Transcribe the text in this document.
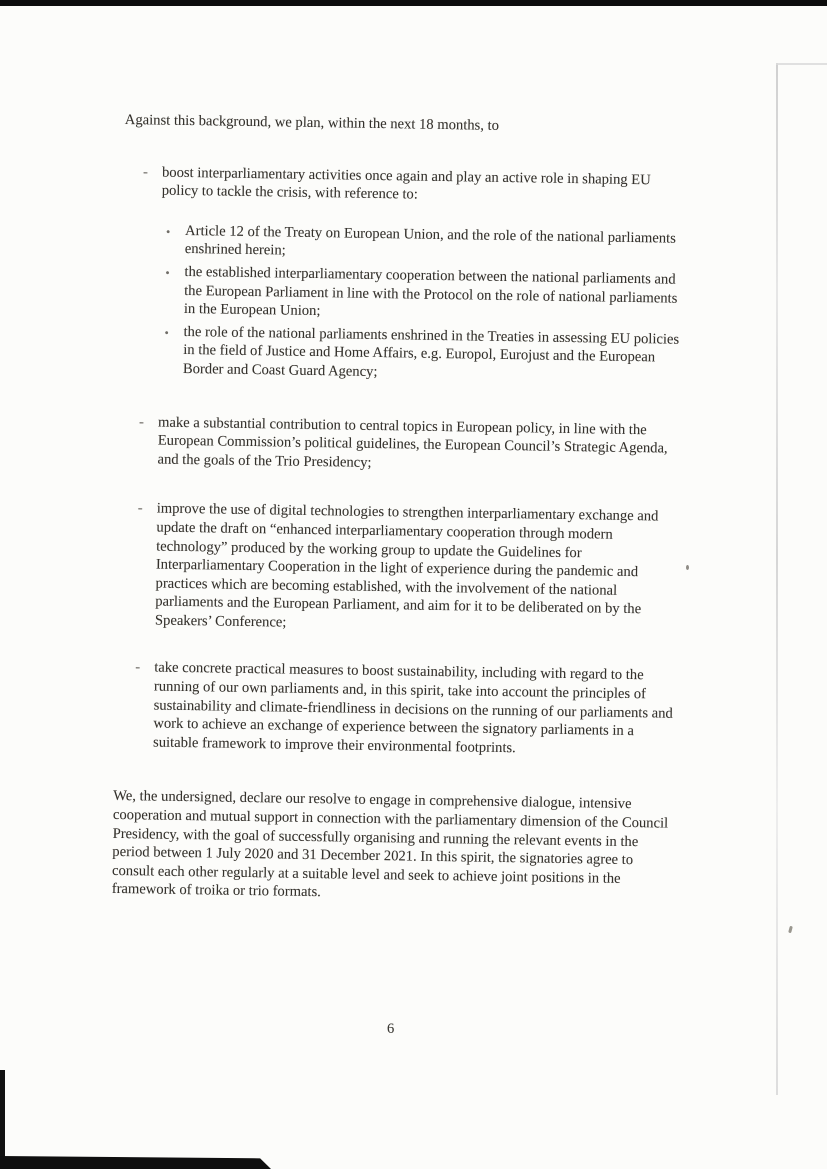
Against this background, we plan, within the next 18 months, to

- boost interparliamentary activities once again and play an active role in shaping EU policy to tackle the crisis, with reference to:
• Article 12 of the Treaty on European Union, and the role of the national parliaments enshrined herein;
• the established interparliamentary cooperation between the national parliaments and the European Parliament in line with the Protocol on the role of national parliaments in the European Union;
• the role of the national parliaments enshrined in the Treaties in assessing EU policies in the field of Justice and Home Affairs, e.g. Europol, Eurojust and the European Border and Coast Guard Agency;
- make a substantial contribution to central topics in European policy, in line with the European Commission’s political guidelines, the European Council’s Strategic Agenda, and the goals of the Trio Presidency;
- improve the use of digital technologies to strengthen interparliamentary exchange and update the draft on “enhanced interparliamentary cooperation through modern technology” produced by the working group to update the Guidelines for Interparliamentary Cooperation in the light of experience during the pandemic and practices which are becoming established, with the involvement of the national parliaments and the European Parliament, and aim for it to be deliberated on by the Speakers’ Conference;
- take concrete practical measures to boost sustainability, including with regard to the running of our own parliaments and, in this spirit, take into account the principles of sustainability and climate-friendliness in decisions on the running of our parliaments and work to achieve an exchange of experience between the signatory parliaments in a suitable framework to improve their environmental footprints.

We, the undersigned, declare our resolve to engage in comprehensive dialogue, intensive cooperation and mutual support in connection with the parliamentary dimension of the Council Presidency, with the goal of successfully organising and running the relevant events in the period between 1 July 2020 and 31 December 2021. In this spirit, the signatories agree to consult each other regularly at a suitable level and seek to achieve joint positions in the framework of troika or trio formats.

6
